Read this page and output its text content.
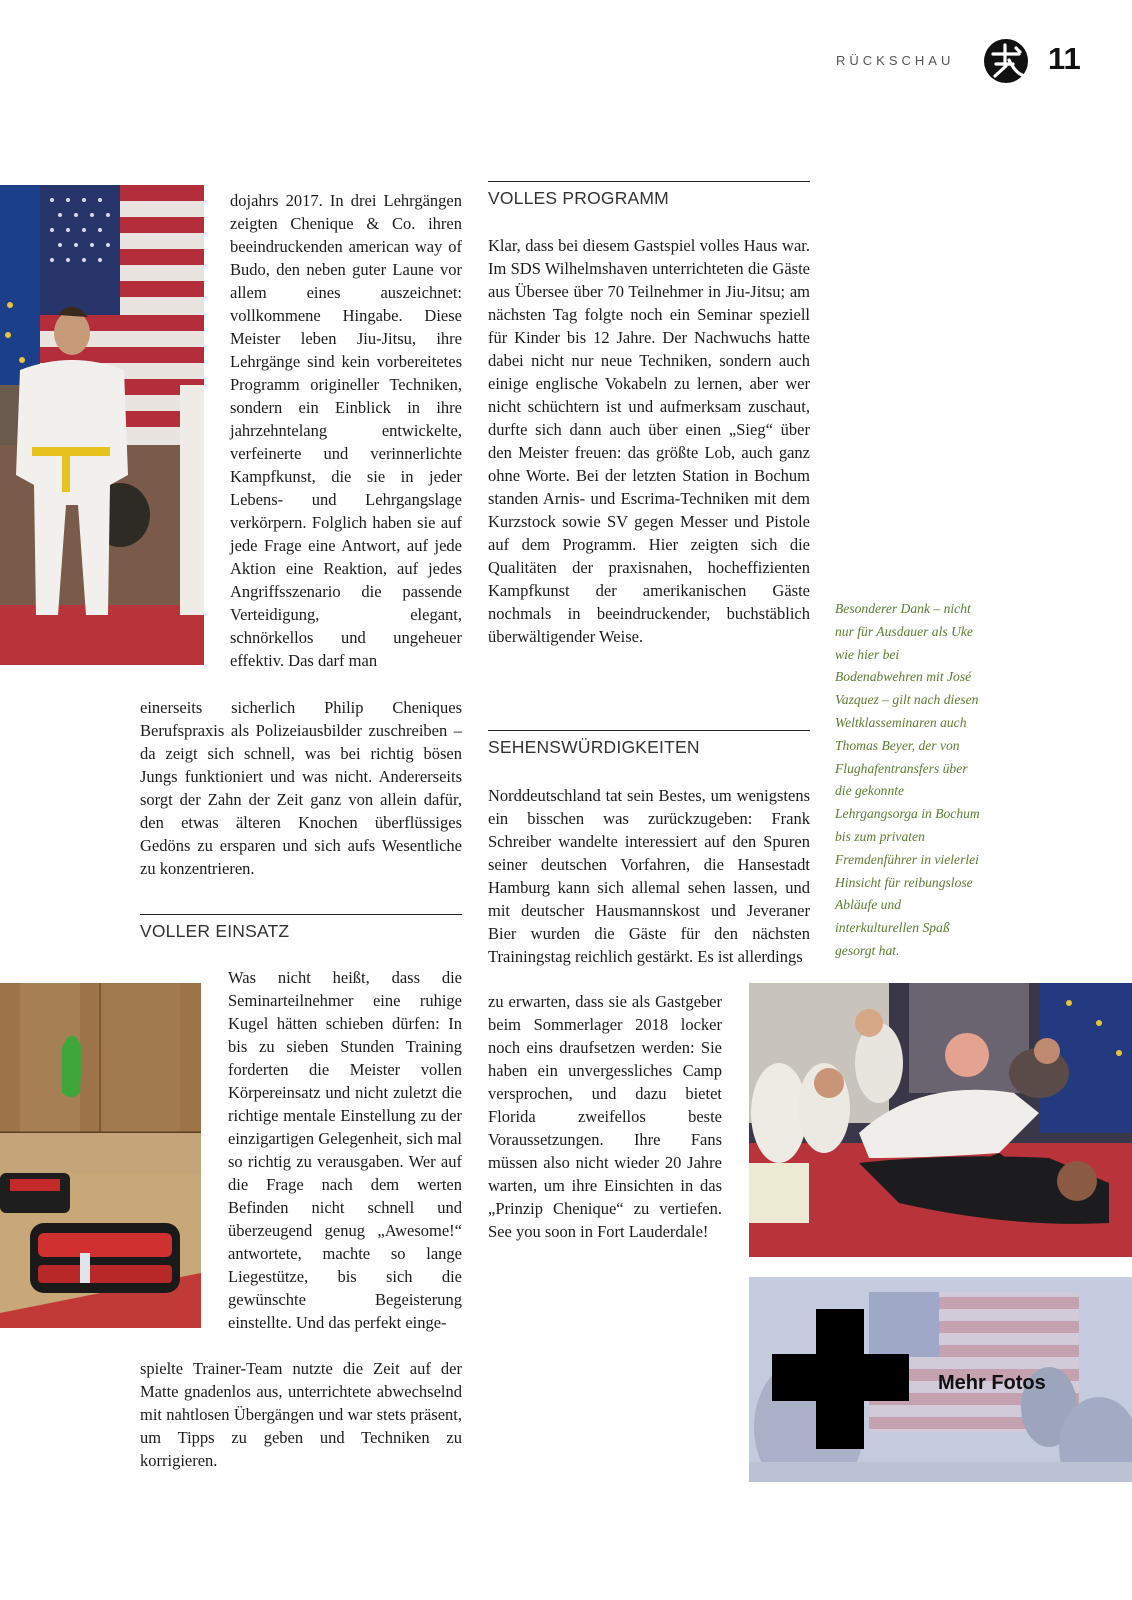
RÜCKSCHAU	11

dojahrs 2017. In drei Lehrgängen zeigten Chenique & Co. ihren beeindruckenden american way of Budo, den neben guter Laune vor allem eines auszeichnet: vollkommene Hingabe. Diese Meister leben Jiu-Jitsu, ihre Lehrgänge sind kein vorbereitetes Programm origineller Techniken, sondern ein Einblick in ihre jahrzehntelang entwickelte, verfeinerte und verinnerlichte Kampfkunst, die sie in jeder Lebens- und Lehrgangslage verkörpern. Folglich haben sie auf jede Frage eine Antwort, auf jede Aktion eine Reaktion, auf jedes Angriffsszenario die passende Verteidigung, elegant, schnörkellos und ungeheuer effektiv. Das darf man

einerseits sicherlich Philip Cheniques Berufspraxis als Polizeiausbilder zuschreiben – da zeigt sich schnell, was bei richtig bösen Jungs funktioniert und was nicht. Andererseits sorgt der Zahn der Zeit ganz von allein dafür, den etwas älteren Knochen überflüssiges Gedöns zu ersparen und sich aufs Wesentliche zu konzentrieren.

VOLLER EINSATZ

Was nicht heißt, dass die Seminarteilnehmer eine ruhige Kugel hätten schieben dürfen: In bis zu sieben Stunden Training forderten die Meister vollen Körpereinsatz und nicht zuletzt die richtige mentale Einstellung zu der einzigartigen Gelegenheit, sich mal so richtig zu verausgaben. Wer auf die Frage nach dem werten Befinden nicht schnell und überzeugend genug „Awesome!“ antwortete, machte so lange Liegestütze, bis sich die gewünschte Begeisterung einstellte. Und das perfekt einge-

spielte Trainer-Team nutzte die Zeit auf der Matte gnadenlos aus, unterrichtete abwechselnd mit nahtlosen Übergängen und war stets präsent, um Tipps zu geben und Techniken zu korrigieren.

VOLLES PROGRAMM

Klar, dass bei diesem Gastspiel volles Haus war. Im SDS Wilhelmshaven unterrichteten die Gäste aus Übersee über 70 Teilnehmer in Jiu-Jitsu; am nächsten Tag folgte noch ein Seminar speziell für Kinder bis 12 Jahre. Der Nachwuchs hatte dabei nicht nur neue Techniken, sondern auch einige englische Vokabeln zu lernen, aber wer nicht schüchtern ist und aufmerksam zuschaut, durfte sich dann auch über einen „Sieg“ über den Meister freuen: das größte Lob, auch ganz ohne Worte. Bei der letzten Station in Bochum standen Arnis- und Escrima-Techniken mit dem Kurzstock sowie SV gegen Messer und Pistole auf dem Programm. Hier zeigten sich die Qualitäten der praxisnahen, hocheffizienten Kampfkunst der amerikanischen Gäste nochmals in beeindruckender, buchstäblich überwältigender Weise.

SEHENSWÜRDIGKEITEN

Norddeutschland tat sein Bestes, um wenigstens ein bisschen was zurückzugeben: Frank Schreiber wandelte interessiert auf den Spuren seiner deutschen Vorfahren, die Hansestadt Hamburg kann sich allemal sehen lassen, und mit deutscher Hausmannskost und Jeveraner Bier wurden die Gäste für den nächsten Trainingstag reichlich gestärkt. Es ist allerdings

zu erwarten, dass sie als Gastgeber beim Sommerlager 2018 locker noch eins draufsetzen werden: Sie haben ein unvergessliches Camp versprochen, und dazu bietet Florida zweifellos beste Voraussetzungen. Ihre Fans müssen also nicht wieder 20 Jahre warten, um ihre Einsichten in das „Prinzip Chenique“ zu vertiefen. See you soon in Fort Lauderdale!

Besonderer Dank – nicht nur für Ausdauer als Uke wie hier bei Bodenabwehren mit José Vazquez – gilt nach diesen Weltklasseminaren auch Thomas Beyer, der von Flughafentransfers über die gekonnte Lehrgangsorga in Bochum bis zum privaten Fremdenführer in vielerlei Hinsicht für reibungslose Abläufe und interkulturellen Spaß gesorgt hat.
Mehr Fotos
